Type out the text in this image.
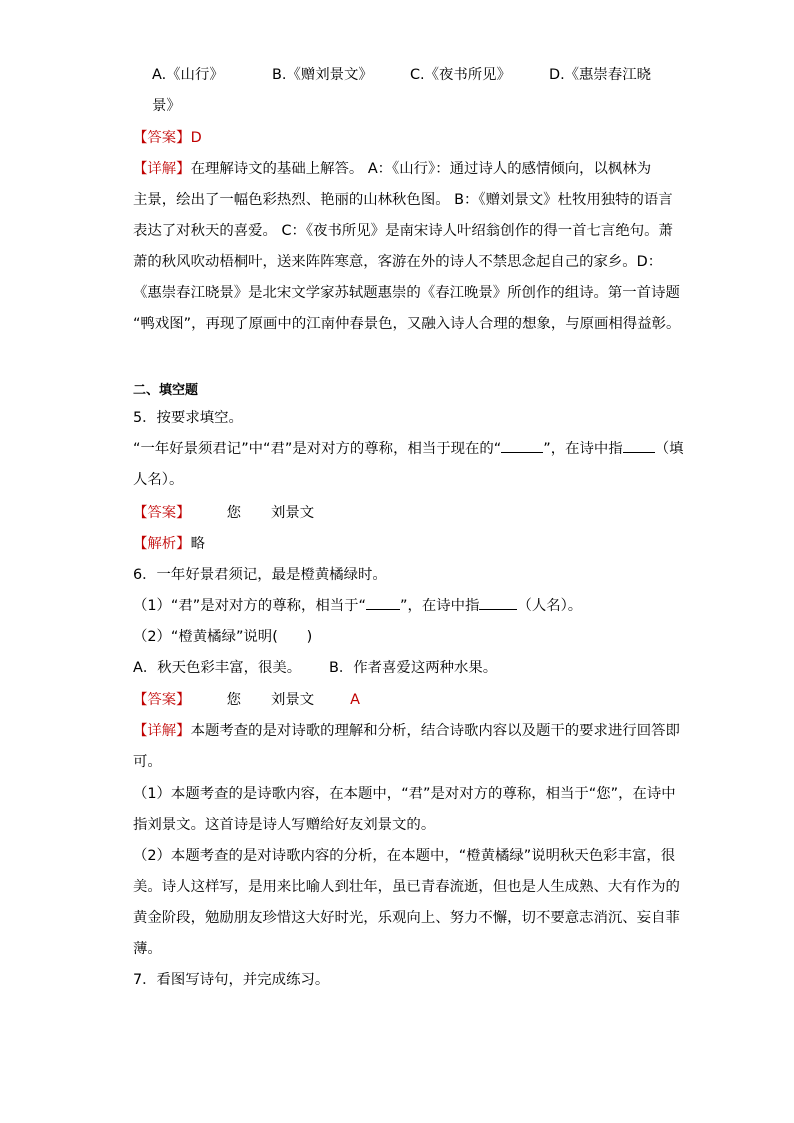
A.《山行》	B.《赠刘景文》	C.《夜书所见》	D.《惠崇春江晓
景》
【答案】D
【详解】在理解诗文的基础上解答。 A：《山行》：通过诗人的感情倾向，以枫林为
主景，绘出了一幅色彩热烈、艳丽的山林秋色图。 B：《赠刘景文》杜牧用独特的语言
表达了对秋天的喜爱。 C：《夜书所见》是南宋诗人叶绍翁创作的得一首七言绝句。萧
萧的秋风吹动梧桐叶，送来阵阵寒意，客游在外的诗人不禁思念起自己的家乡。D：
《惠崇春江晓景》是北宋文学家苏轼题惠崇的《春江晚景》所创作的组诗。第一首诗题
“鸭戏图”，再现了原画中的江南仲春景色，又融入诗人合理的想象，与原画相得益彰。
二、填空题
5．按要求填空。
“一年好景须君记”中“君”是对对方的尊称，相当于现在的“	”，在诗中指 （填
人名）。
【答案】	您 刘景文
【解析】略
6．一年好景君须记，最是橙黄橘绿时。
（1）“君”是对对方的尊称，相当于“ ”，在诗中指	（人名）。
（2）“橙黄橘绿”说明(　　)
A．秋天色彩丰富，很美。 B．作者喜爱这两种水果。
【答案】	您 刘景文	A
【详解】本题考查的是对诗歌的理解和分析，结合诗歌内容以及题干的要求进行回答即
可。
（1）本题考查的是诗歌内容，在本题中，“君”是对对方的尊称，相当于“您”，在诗中
指刘景文。这首诗是诗人写赠给好友刘景文的。
（2）本题考查的是对诗歌内容的分析，在本题中，“橙黄橘绿”说明秋天色彩丰富，很
美。诗人这样写，是用来比喻人到壮年，虽已青春流逝，但也是人生成熟、大有作为的
黄金阶段，勉励朋友珍惜这大好时光，乐观向上、努力不懈，切不要意志消沉、妄自菲
薄。
7．看图写诗句，并完成练习。
